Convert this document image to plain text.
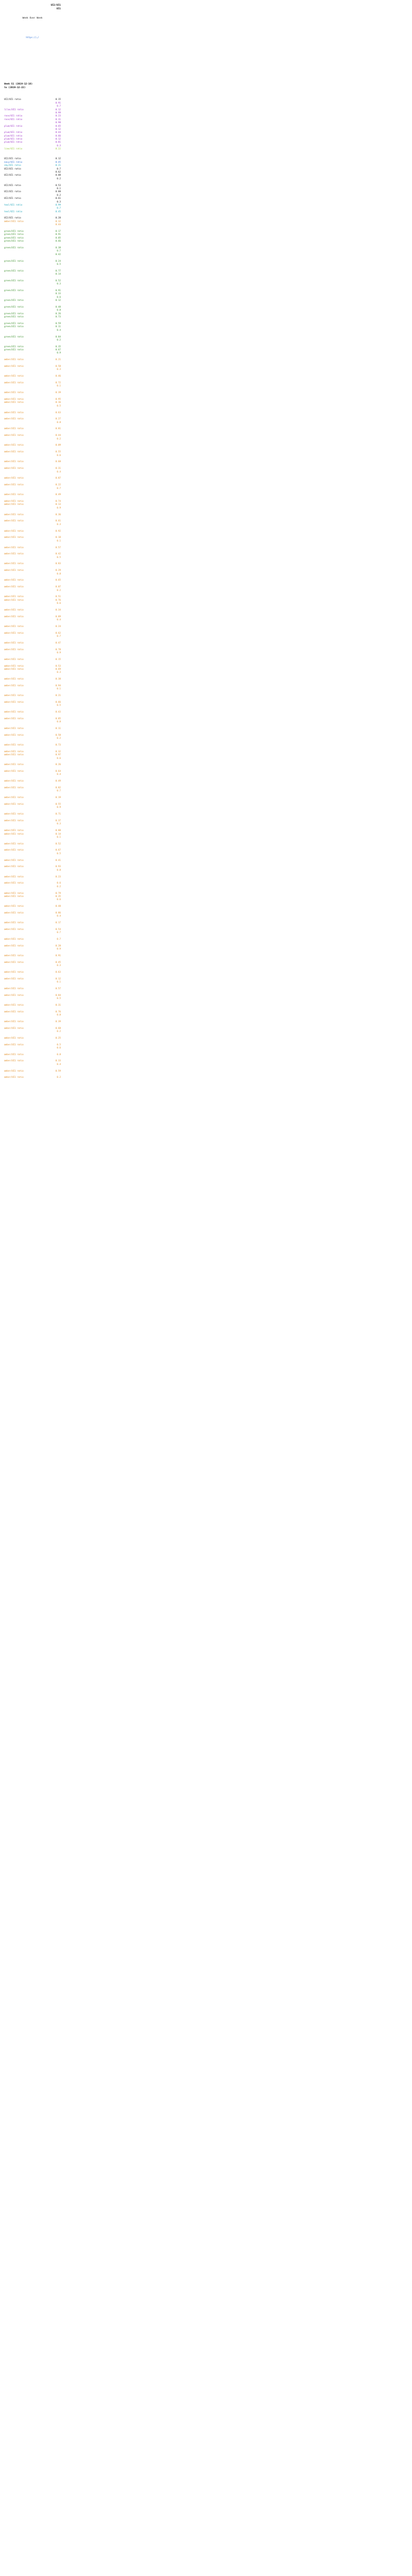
UI2/UI1
UI1
Week Over Week
https://…/
Week 51 (2019-12-16)
to (2019-12-22)
UI2/UI1 ratio	0.15
0.91
0.7
lilac/UI1 ratio	0.12
0.99
rose/UI1 ratio	0.23
rose/UI1 ratio	0.31
0.98
plum/UI1 ratio	0.65
0.12
plum/UI1 ratio	0.44
plum/UI1 ratio	0.66
plum/UI1 ratio	0.12
plum/UI1 ratio	0.81
0.3
lime/UI1 ratio	0.22
UI2/UI1 ratio	0.12
navy/UI1 ratio	0.45
sky/UI1 ratio	0.21
UI2/UI1 ratio	0.7
0.62
UI2/UI1 ratio	0.08
0.2
UI2/UI1 ratio	0.53
0.1
UI2/UI1 ratio	0.88
0.2
UI2/UI1 ratio	0.61
0.3
teal/UI1 ratio	0.99
0.7
teal/UI1 ratio	0.45
UI2/UI1 ratio	0.28
amber/UI1 ratio	0.32
0.44
green/UI1 ratio	0.17
green/UI1 ratio	0.91
green/UI1 ratio	0.05
green/UI1 ratio	0.66
green/UI1 ratio	0.38
0.7
0.42
green/UI1 ratio	0.24
0.5
green/UI1 ratio	0.77
0.14
green/UI1 ratio	0.52
0.3
green/UI1 ratio	0.91
0.33
0.6
green/UI1 ratio	0.12
green/UI1 ratio	0.48
0.8
green/UI1 ratio	0.26
green/UI1 ratio	0.73
green/UI1 ratio	0.59
green/UI1 ratio	0.11
0.4
green/UI1 ratio	0.84
0.2
green/UI1 ratio	0.35
green/UI1 ratio	0.67
0.9
amber/UI1 ratio	0.21
amber/UI1 ratio	0.58
0.3
amber/UI1 ratio	0.46
amber/UI1 ratio	0.72
0.1
amber/UI1 ratio	0.39
amber/UI1 ratio	0.95
amber/UI1 ratio	0.16
0.5
amber/UI1 ratio	0.63
amber/UI1 ratio	0.27
0.8
amber/UI1 ratio	0.81
amber/UI1 ratio	0.44
0.2
amber/UI1 ratio	0.09
amber/UI1 ratio	0.55
0.6
amber/UI1 ratio	0.68
amber/UI1 ratio	0.31
0.4
amber/UI1 ratio	0.87
amber/UI1 ratio	0.22
0.7
amber/UI1 ratio	0.49
amber/UI1 ratio	0.74
amber/UI1 ratio	0.13
0.9
amber/UI1 ratio	0.36
amber/UI1 ratio	0.61
0.3
amber/UI1 ratio	0.92
amber/UI1 ratio	0.18
0.1
amber/UI1 ratio	0.57
amber/UI1 ratio	0.42
0.5
amber/UI1 ratio	0.83
amber/UI1 ratio	0.29
0.8
amber/UI1 ratio	0.65
amber/UI1 ratio	0.07
0.2
amber/UI1 ratio	0.51
amber/UI1 ratio	0.76
0.6
amber/UI1 ratio	0.34
amber/UI1 ratio	0.89
0.4
amber/UI1 ratio	0.24
amber/UI1 ratio	0.62
0.7
amber/UI1 ratio	0.47
amber/UI1 ratio	0.78
0.9
amber/UI1 ratio	0.15
amber/UI1 ratio	0.53
amber/UI1 ratio	0.69
0.3
amber/UI1 ratio	0.38
amber/UI1 ratio	0.94
0.1
amber/UI1 ratio	0.21
amber/UI1 ratio	0.66
0.5
amber/UI1 ratio	0.43
amber/UI1 ratio	0.85
0.8
amber/UI1 ratio	0.11
amber/UI1 ratio	0.58
0.2
amber/UI1 ratio	0.73
amber/UI1 ratio	0.32
amber/UI1 ratio	0.97
0.6
amber/UI1 ratio	0.26
amber/UI1 ratio	0.64
0.4
amber/UI1 ratio	0.49
amber/UI1 ratio	0.82
0.7
amber/UI1 ratio	0.19
amber/UI1 ratio	0.55
0.9
amber/UI1 ratio	0.71
amber/UI1 ratio	0.37
0.3
amber/UI1 ratio	0.88
amber/UI1 ratio	0.14
0.1
amber/UI1 ratio	0.52
amber/UI1 ratio	0.67
0.5
amber/UI1 ratio	0.41
amber/UI1 ratio	0.93
0.8
amber/UI1 ratio	0.23
amber/UI1 ratio	0.6
0.2
amber/UI1 ratio	0.79
amber/UI1 ratio	0.35
0.6
amber/UI1 ratio	0.48
amber/UI1 ratio	0.86
0.4
amber/UI1 ratio	0.17
amber/UI1 ratio	0.54
0.7
amber/UI1 ratio	0.7
amber/UI1 ratio	0.28
0.9
amber/UI1 ratio	0.91
amber/UI1 ratio	0.45
0.3
amber/UI1 ratio	0.63
amber/UI1 ratio	0.12
0.1
amber/UI1 ratio	0.57
amber/UI1 ratio	0.84
0.5
amber/UI1 ratio	0.31
amber/UI1 ratio	0.76
0.8
amber/UI1 ratio	0.39
amber/UI1 ratio	0.68
0.2
amber/UI1 ratio	0.25
amber/UI1 ratio	0.5
0.6
amber/UI1 ratio	0.8
amber/UI1 ratio	0.33
0.4
amber/UI1 ratio	0.59
amber/UI1 ratio	0.2
